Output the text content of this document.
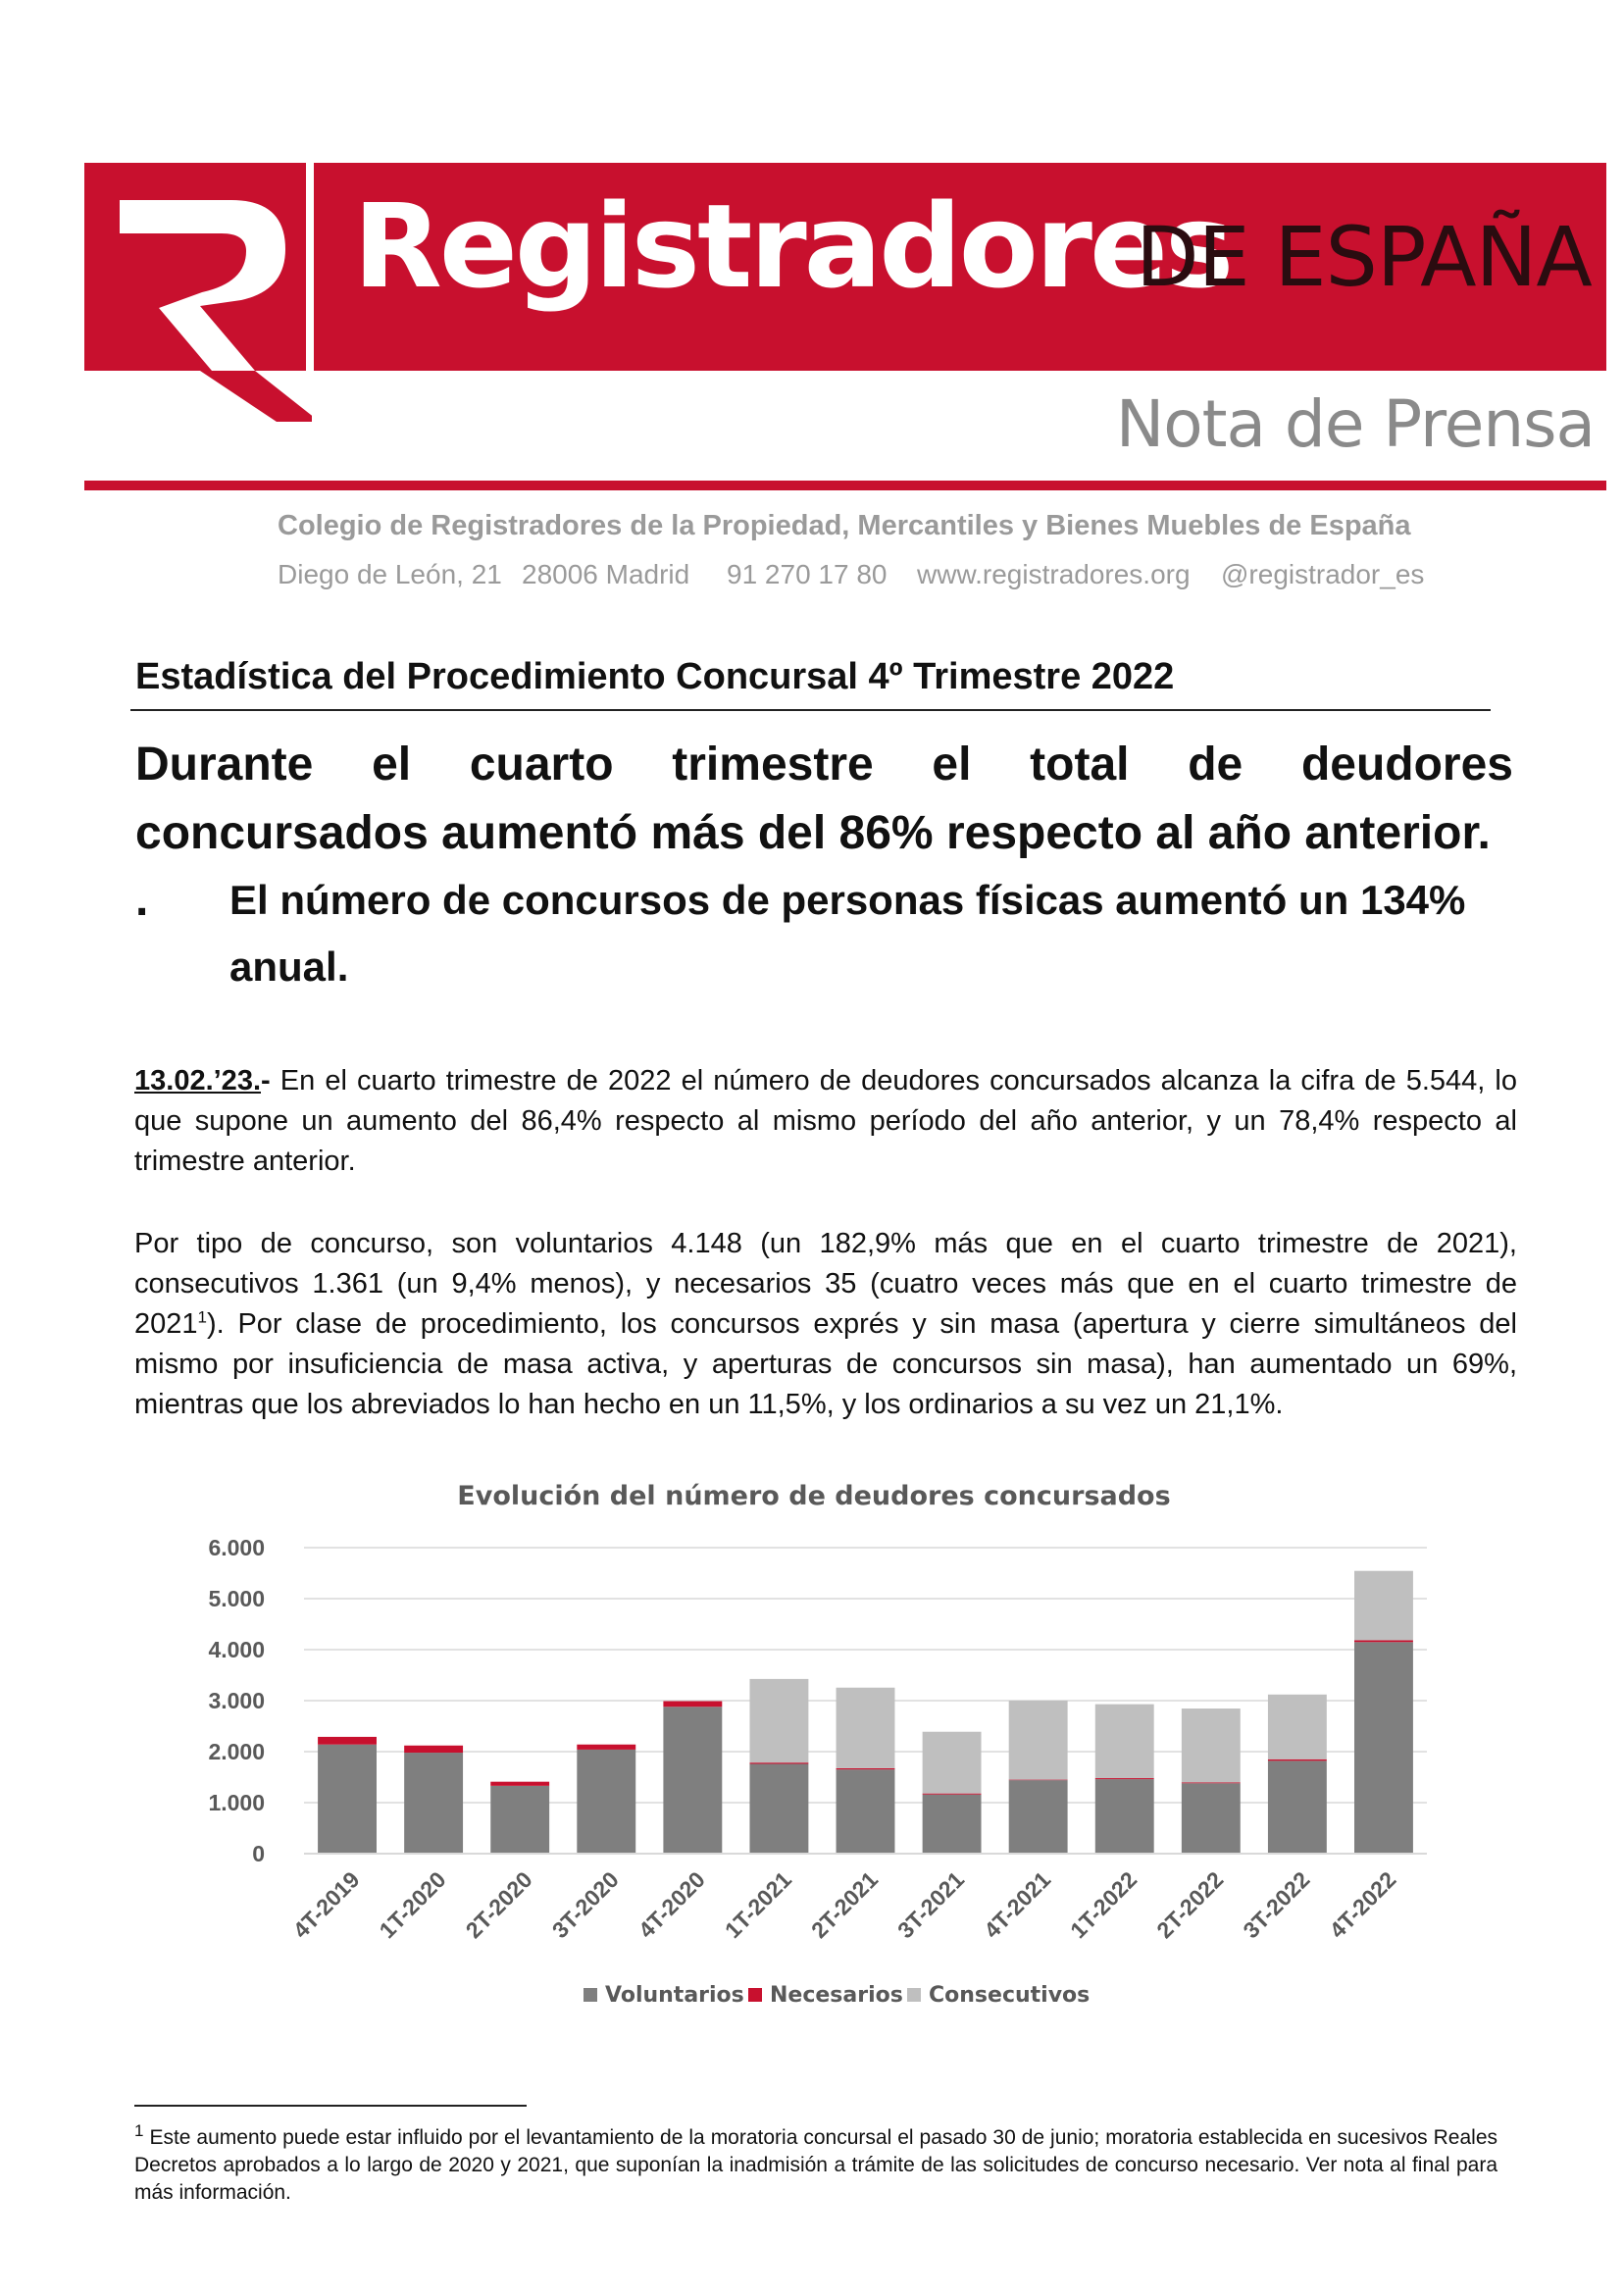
Registradores
DE ESPAÑA
Nota de Prensa
Colegio de Registradores de la Propiedad, Mercantiles y Bienes Muebles de España
Diego de León, 21 28006 Madrid 91 270 17 80 www.registradores.org @registrador_es
Estadística del Procedimiento Concursal 4º Trimestre 2022
Durante el cuarto trimestre el total de deudores
concursados aumentó más del 86% respecto al año anterior.
. El número de concursos de personas físicas aumentó un 134% anual.
13.02.’23.- En el cuarto trimestre de 2022 el número de deudores concursados alcanza la cifra de 5.544, lo que supone un aumento del 86,4% respecto al mismo período del año anterior, y un 78,4% respecto al trimestre anterior.
Por tipo de concurso, son voluntarios 4.148 (un 182,9% más que en el cuarto trimestre de 2021), consecutivos 1.361 (un 9,4% menos), y necesarios 35 (cuatro veces más que en el cuarto trimestre de 2021$^1$). Por clase de procedimiento, los concursos exprés y sin masa (apertura y cierre simultáneos del mismo por insuficiencia de masa activa, y aperturas de concursos sin masa), han aumentado un 69%, mientras que los abreviados lo han hecho en un 11,5%, y los ordinarios a su vez un 21,1%.
Evolución del número de deudores concursados
0
1.000
2.000
3.000
4.000
5.000
6.000
4T-2019 1T-2020 2T-2020 3T-2020 4T-2020 1T-2021 2T-2021 3T-2021 4T-2021 1T-2022 2T-2022 3T-2022 4T-2022
Voluntarios Necesarios Consecutivos
$^1$ Este aumento puede estar influido por el levantamiento de la moratoria concursal el pasado 30 de junio; moratoria establecida en sucesivos Reales Decretos aprobados a lo largo de 2020 y 2021, que suponían la inadmisión a trámite de las solicitudes de concurso necesario. Ver nota al final para más información.
